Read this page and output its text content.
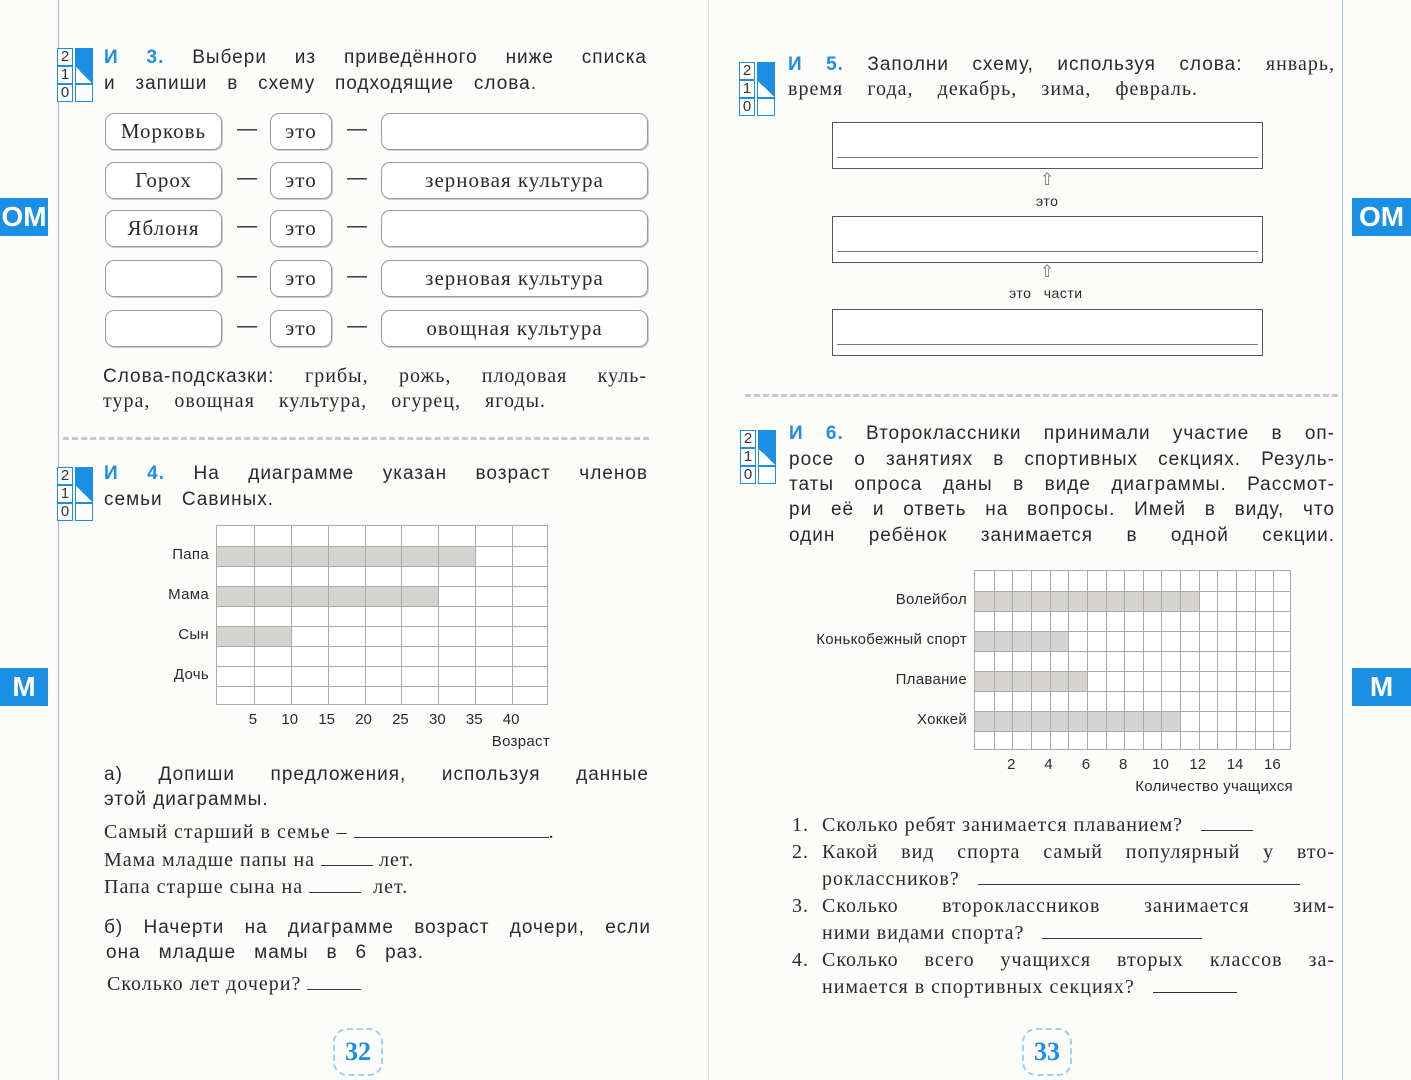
ОМ
М
ОМ
М
2
1
0
2
1
0
2
1
0
2
1
0
И 3. Выбери из приведённого ниже списка
и запиши в схему подходящие слова.
Морковь	—	это	—
Горох	—	это	—	зерновая культура
Яблоня	—	это	—
—	это	—	зерновая культура
—	это	—	овощная культура
Слова-подсказки: грибы, рожь, плодовая куль-
тура, овощная культура, огурец, ягоды.
И 4. На диаграмме указан возраст членов
семьи Савиных.
Папа
Мама
Сын
Дочь
5 10 15 20 25 30 35 40
Возраст
а) Допиши предложения, используя данные
этой диаграммы.
Самый старший в семье –	.
Мама младше папы на	лет.
Папа старше сына на	лет.
б) Начерти на диаграмме возраст дочери, если
она младше мамы в 6 раз.
Сколько лет дочери?
32
И 5. Заполни схему, используя слова: январь,
время года, декабрь, зима, февраль.
⇧
это
⇧
это части
И 6. Второклассники принимали участие в оп-
росе о занятиях в спортивных секциях. Резуль-
таты опроса даны в виде диаграммы. Рассмот-
ри её и ответь на вопросы. Имей в виду, что
один ребёнок занимается в одной секции.
Волейбол
Конькобежный спорт
Плавание
Хоккей
2 4 6 8 10 12 14 16
Количество учащихся
1. Сколько ребят занимается плаванием?
2. Какой вид спорта самый популярный у вто-
роклассников?
3. Сколько второклассников занимается зим-
ними видами спорта?
4. Сколько всего учащихся вторых классов за-
нимается в спортивных секциях?
33
